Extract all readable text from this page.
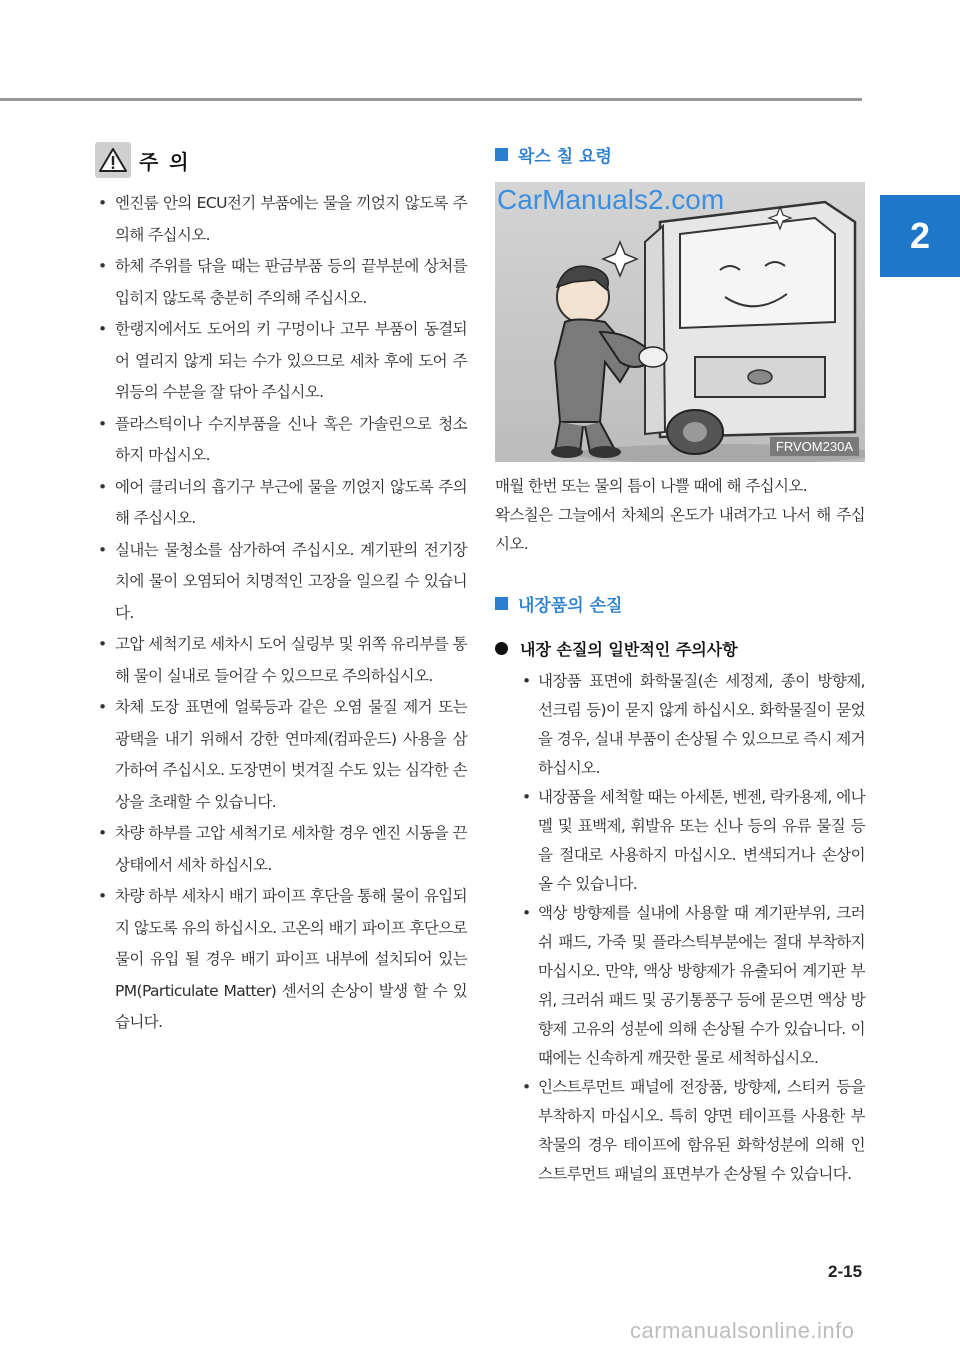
2
주 의
• 엔진룸 안의 ECU전기 부품에는 물을 끼얹지 않도록 주의해 주십시오.
• 하체 주위를 닦을 때는 판금부품 등의 끝부분에 상처를 입히지 않도록 충분히 주의해 주십시오.
• 한랭지에서도 도어의 키 구멍이나 고무 부품이 동결되어 열리지 않게 되는 수가 있으므로 세차 후에 도어 주위등의 수분을 잘 닦아 주십시오.
• 플라스틱이나 수지부품을 신나 혹은 가솔린으로 청소하지 마십시오.
• 에어 클리너의 흡기구 부근에 물을 끼얹지 않도록 주의해 주십시오.
• 실내는 물청소를 삼가하여 주십시오. 계기판의 전기장치에 물이 오염되어 치명적인 고장을 일으킬 수 있습니다.
• 고압 세척기로 세차시 도어 실링부 및 위쪽 유리부를 통해 물이 실내로 들어갈 수 있으므로 주의하십시오.
• 차체 도장 표면에 얼룩등과 같은 오염 물질 제거 또는 광택을 내기 위해서 강한 연마제(컴파운드) 사용을 삼가하여 주십시오. 도장면이 벗겨질 수도 있는 심각한 손상을 초래할 수 있습니다.
• 차량 하부를 고압 세척기로 세차할 경우 엔진 시동을 끈 상태에서 세차 하십시오.
• 차량 하부 세차시 배기 파이프 후단을 통해 물이 유입되지 않도록 유의 하십시오. 고온의 배기 파이프 후단으로 물이 유입 될 경우 배기 파이프 내부에 설치되어 있는 PM(Particulate Matter) 센서의 손상이 발생 할 수 있습니다.
왁스 칠 요령
CarManuals2.com
FRVOM230A

매월 한번 또는 물의 틈이 나쁠 때에 해 주십시오.

왁스칠은 그늘에서 차체의 온도가 내려가고 나서 해 주십시오.

내장품의 손질
내장 손질의 일반적인 주의사항
• 내장품 표면에 화학물질(손 세정제, 종이 방향제, 선크림 등)이 묻지 않게 하십시오. 화학물질이 묻었을 경우, 실내 부품이 손상될 수 있으므로 즉시 제거하십시오.
• 내장품을 세척할 때는 아세톤, 벤젠, 락카용제, 에나멜 및 표백제, 휘발유 또는 신나 등의 유류 물질 등을 절대로 사용하지 마십시오. 변색되거나 손상이 올 수 있습니다.
• 액상 방향제를 실내에 사용할 때 계기판부위, 크러쉬 패드, 가죽 및 플라스틱부분에는 절대 부착하지 마십시오. 만약, 액상 방향제가 유출되어 계기판 부위, 크러쉬 패드 및 공기통풍구 등에 묻으면 액상 방향제 고유의 성분에 의해 손상될 수가 있습니다. 이때에는 신속하게 깨끗한 물로 세척하십시오.
• 인스트루먼트 패널에 전장품, 방향제, 스티커 등을 부착하지 마십시오. 특히 양면 테이프를 사용한 부착물의 경우 테이프에 함유된 화학성분에 의해 인스트루먼트 패널의 표면부가 손상될 수 있습니다.
2-15
carmanualsonline.info
